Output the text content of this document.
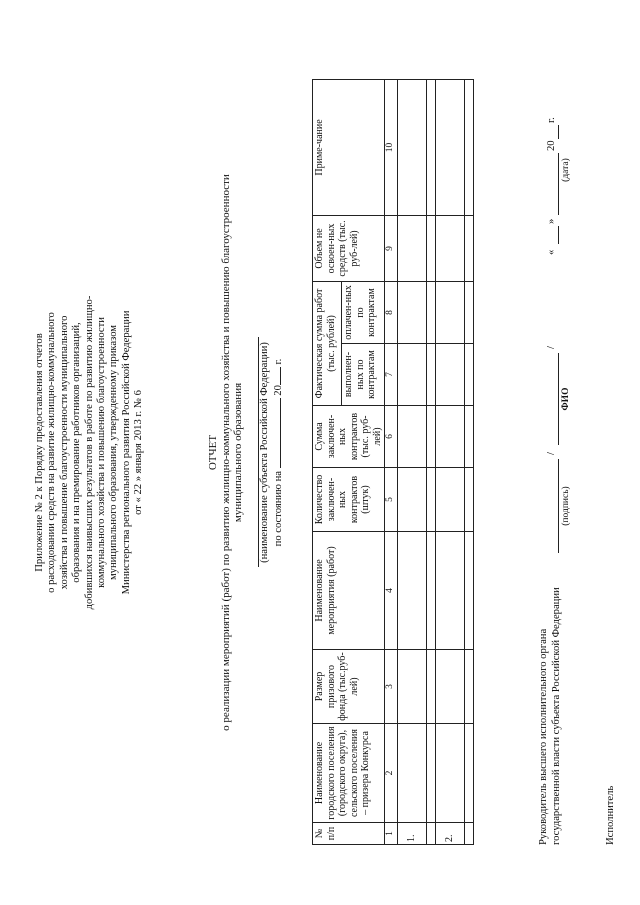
Приложение № 2 к Порядку предоставления отчетов о расходовании средств на развитие жилищно-коммунального хозяйства и повышение благоустроенности муниципального образования и на премирование работников организаций, добившихся наивысших результатов в работе по развитию жилищно- коммунального хозяйства и повышению благоустроенности муниципального образования, утвержденному приказом Министерства регионального развития Российской Федерации от « 22 » января 2013 г. № 6	ОТЧЕТ о реализации мероприятий (работ) по развитию жилищно-коммунального хозяйства и повышению благоустроенности муниципального образования (наименование субъекта Российской Федерации) по состоянию на  20 г.
№ п/п	Наименование городского поселения (городского округа), сельского поселения – призера Конкурса	Размер призового фонда (тыс.руб-лей)	Наименование мероприятия (работ)	Количество заключен-ных контрактов (штук)	Сумма заключен-ных контрактов (тыс. руб-лей)	Фактическая сумма работ (тыс. рублей)		Объем не освоен-ных средств (тыс. руб-лей)	Приме-чание
						выполнен-ных по контрактам	оплачен-ных по контрактам		
1	2	3	4	5	6	7	8	9	10
1.									

2.									
										Руководитель высшего исполнительного органа государственной власти субъекта Российской Федерации
(подпись)
/
ФИО
/
«
»
20
г.
(дата)
Исполнитель
